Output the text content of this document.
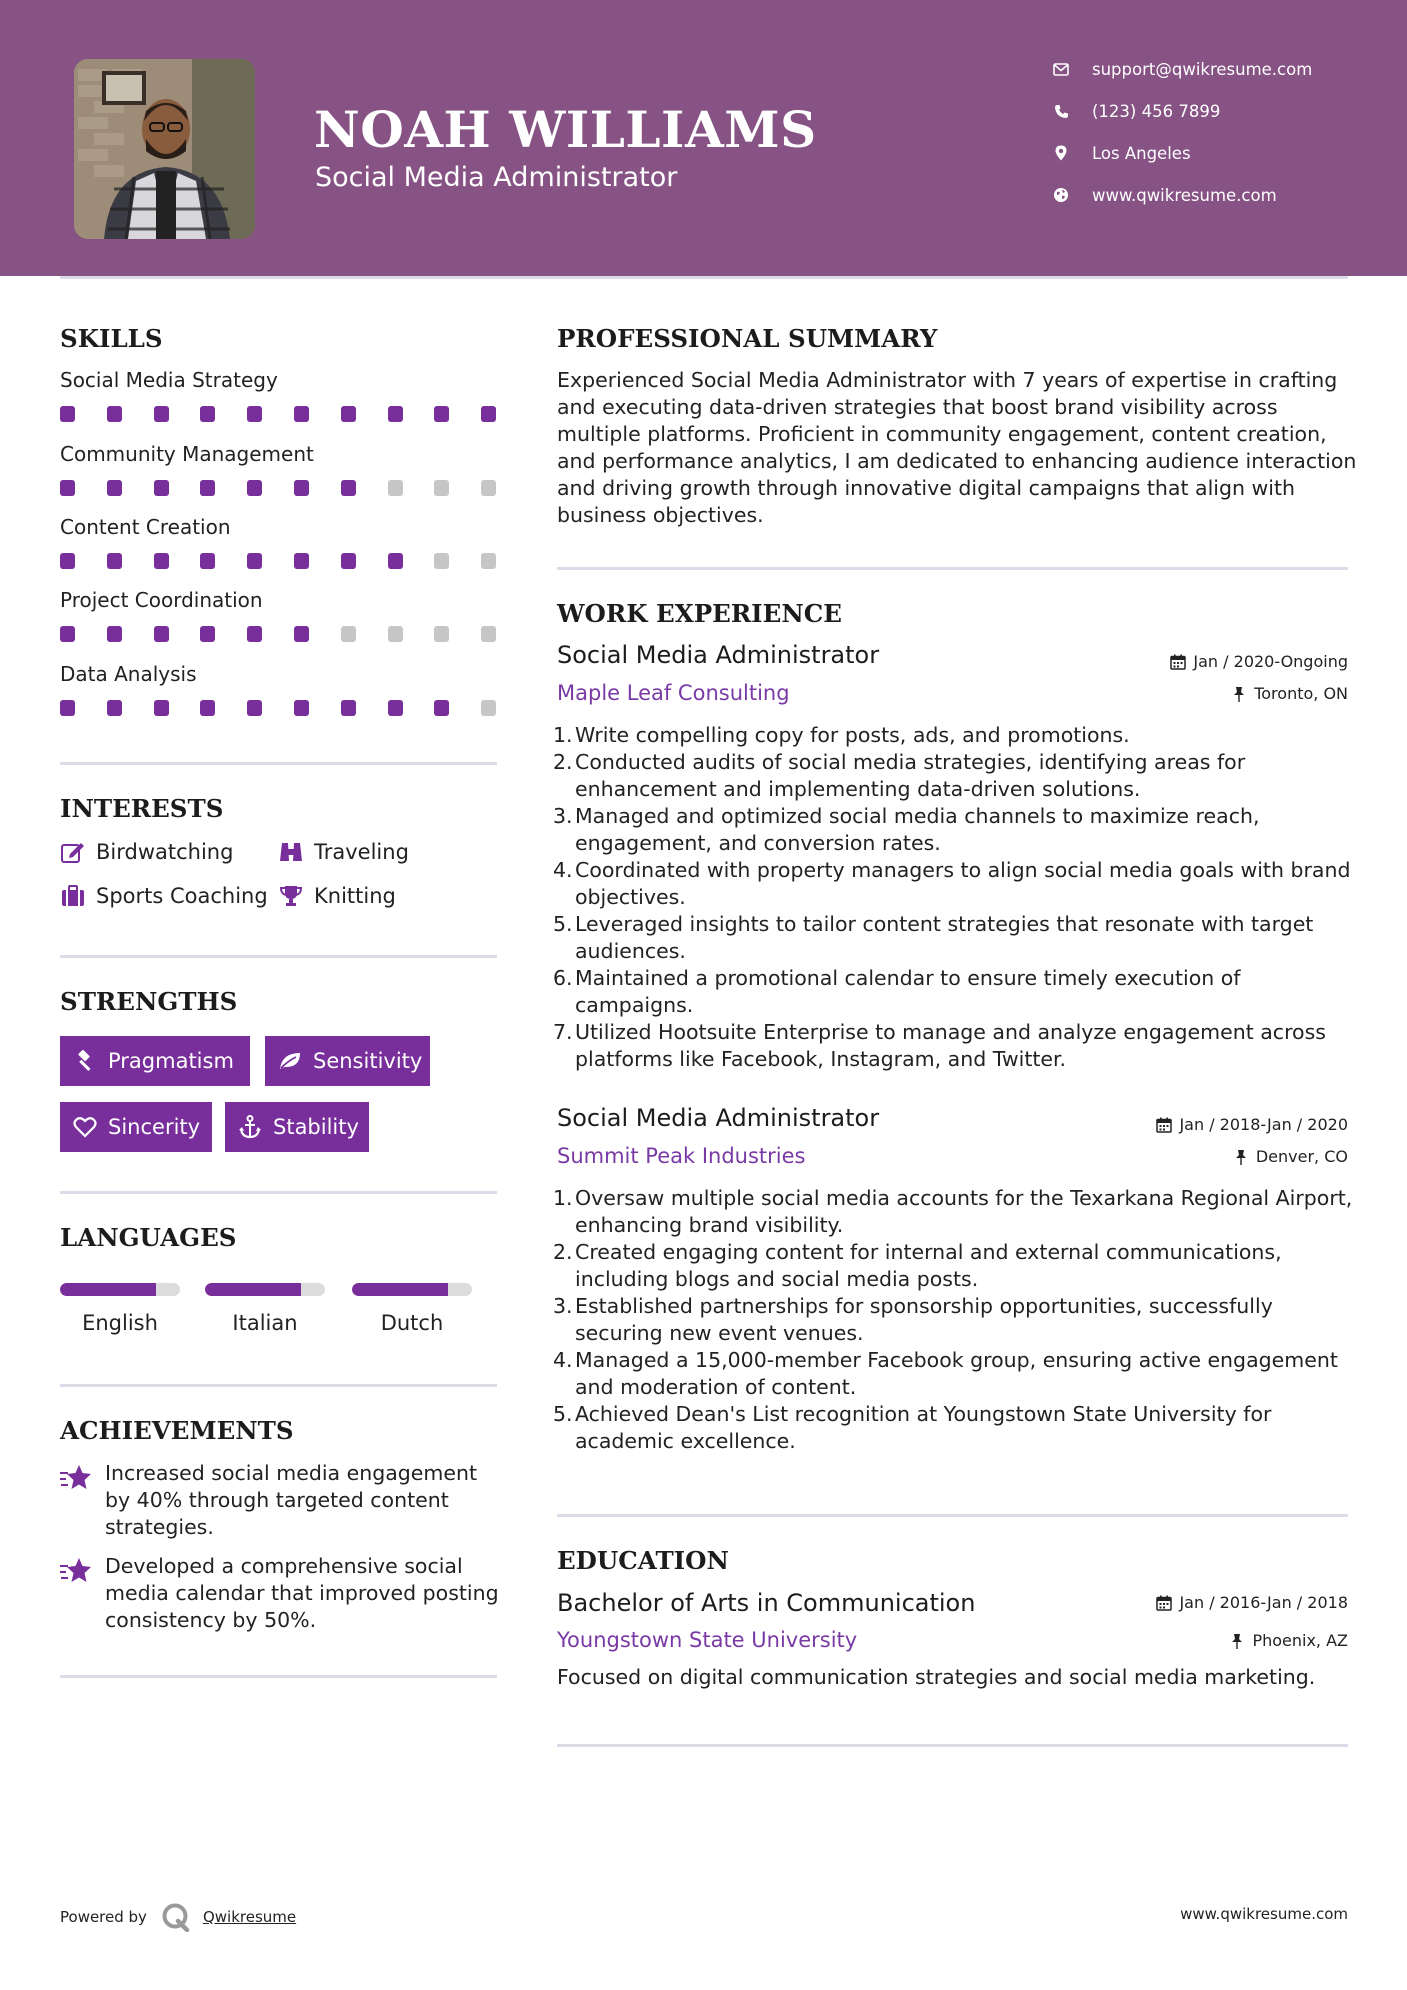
NOAH WILLIAMS
Social Media Administrator
support@qwikresume.com
(123) 456 7899
Los Angeles
www.qwikresume.com
SKILLS
Social Media Strategy
Community Management
Content Creation
Project Coordination
Data Analysis
INTERESTS
Birdwatching	Traveling
Sports Coaching Knitting
STRENGTHS
Pragmatism	Sensitivity
Sincerity	Stability
LANGUAGES
English	Italian	Dutch
ACHIEVEMENTS
Increased social media engagement by 40% through targeted content strategies.
Developed a comprehensive social media calendar that improved posting consistency by 50%.
PROFESSIONAL SUMMARY
Experienced Social Media Administrator with 7 years of expertise in crafting and executing data-driven strategies that boost brand visibility across multiple platforms. Proficient in community engagement, content creation, and performance analytics, I am dedicated to enhancing audience interaction and driving growth through innovative digital campaigns that align with business objectives.
WORK EXPERIENCE
Social Media Administrator	Jan / 2020-Ongoing
Maple Leaf Consulting	Toronto, ON
1. Write compelling copy for posts, ads, and promotions.
2. Conducted audits of social media strategies, identifying areas for enhancement and implementing data-driven solutions.
3. Managed and optimized social media channels to maximize reach, engagement, and conversion rates.
4. Coordinated with property managers to align social media goals with brand objectives.
5. Leveraged insights to tailor content strategies that resonate with target audiences.
6. Maintained a promotional calendar to ensure timely execution of campaigns.
7. Utilized Hootsuite Enterprise to manage and analyze engagement across platforms like Facebook, Instagram, and Twitter.
Social Media Administrator	Jan / 2018-Jan / 2020
Summit Peak Industries	Denver, CO
1. Oversaw multiple social media accounts for the Texarkana Regional Airport, enhancing brand visibility.
2. Created engaging content for internal and external communications, including blogs and social media posts.
3. Established partnerships for sponsorship opportunities, successfully securing new event venues.
4. Managed a 15,000-member Facebook group, ensuring active engagement and moderation of content.
5. Achieved Dean's List recognition at Youngstown State University for academic excellence.
EDUCATION
Bachelor of Arts in Communication	Jan / 2016-Jan / 2018
Youngstown State University	Phoenix, AZ
Focused on digital communication strategies and social media marketing.
Powered by	Qwikresume	www.qwikresume.com
